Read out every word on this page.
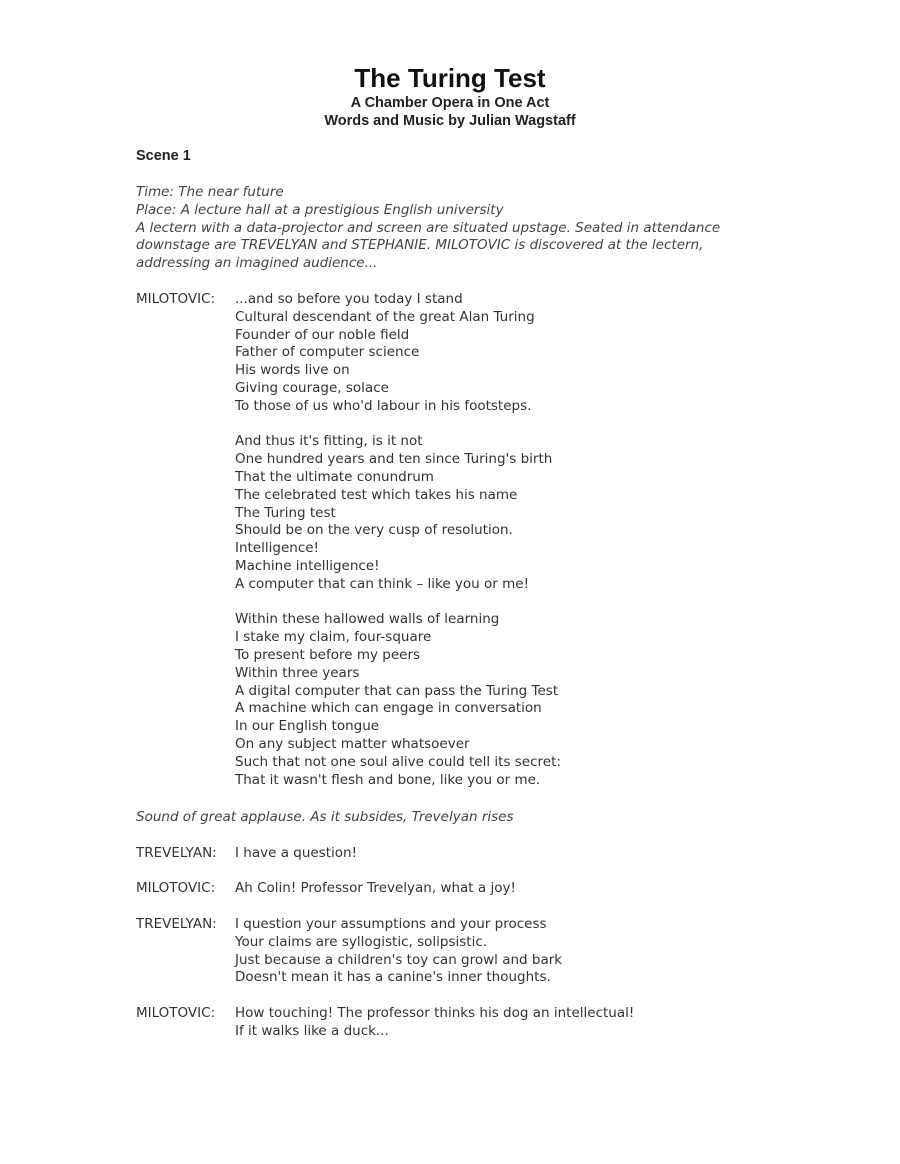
The Turing Test
A Chamber Opera in One Act
Words and Music by Julian Wagstaff
Scene 1
Time: The near future
Place: A lecture hall at a prestigious English university
A lectern with a data-projector and screen are situated upstage. Seated in attendance
downstage are TREVELYAN and STEPHANIE. MILOTOVIC is discovered at the lectern,
addressing an imagined audience...
MILOTOVIC: ...and so before you today I stand
Cultural descendant of the great Alan Turing
Founder of our noble field
Father of computer science
His words live on
Giving courage, solace
To those of us who'd labour in his footsteps.
And thus it's fitting, is it not
One hundred years and ten since Turing's birth
That the ultimate conundrum
The celebrated test which takes his name
The Turing test
Should be on the very cusp of resolution.
Intelligence!
Machine intelligence!
A computer that can think – like you or me!
Within these hallowed walls of learning
I stake my claim, four-square
To present before my peers
Within three years
A digital computer that can pass the Turing Test
A machine which can engage in conversation
In our English tongue
On any subject matter whatsoever
Such that not one soul alive could tell its secret:
That it wasn't flesh and bone, like you or me.
Sound of great applause. As it subsides, Trevelyan rises
TREVELYAN: I have a question!
MILOTOVIC: Ah Colin! Professor Trevelyan, what a joy!
TREVELYAN: I question your assumptions and your process
Your claims are syllogistic, solipsistic.
Just because a children's toy can growl and bark
Doesn't mean it has a canine's inner thoughts.
MILOTOVIC: How touching! The professor thinks his dog an intellectual!
If it walks like a duck...
